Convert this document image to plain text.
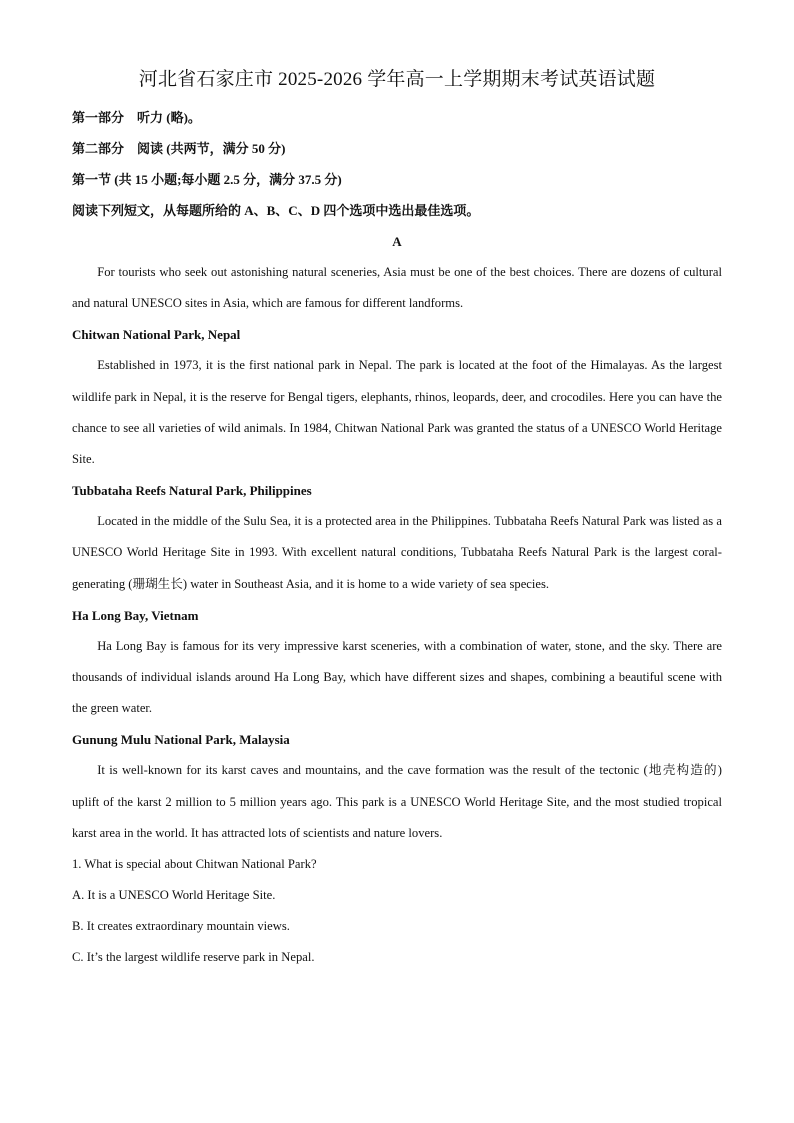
河北省石家庄市 2025-2026 学年高一上学期期末考试英语试题
第一部分　听力 (略)。
第二部分　阅读 (共两节，满分 50 分)
第一节 (共 15 小题;每小题 2.5 分，满分 37.5 分)
阅读下列短文，从每题所给的 A、B、C、D 四个选项中选出最佳选项。
A

For tourists who seek out astonishing natural sceneries, Asia must be one of the best choices. There are dozens of cultural and natural UNESCO sites in Asia, which are famous for different landforms.

Chitwan National Park, Nepal

Established in 1973, it is the first national park in Nepal. The park is located at the foot of the Himalayas. As the largest wildlife park in Nepal, it is the reserve for Bengal tigers, elephants, rhinos, leopards, deer, and crocodiles. Here you can have the chance to see all varieties of wild animals. In 1984, Chitwan National Park was granted the status of a UNESCO World Heritage Site.

Tubbataha Reefs Natural Park, Philippines

Located in the middle of the Sulu Sea, it is a protected area in the Philippines. Tubbataha Reefs Natural Park was listed as a UNESCO World Heritage Site in 1993. With excellent natural conditions, Tubbataha Reefs Natural Park is the largest coral-generating (珊瑚生长) water in Southeast Asia, and it is home to a wide variety of sea species.

Ha Long Bay, Vietnam

Ha Long Bay is famous for its very impressive karst sceneries, with a combination of water, stone, and the sky. There are thousands of individual islands around Ha Long Bay, which have different sizes and shapes, combining a beautiful scene with the green water.

Gunung Mulu National Park, Malaysia

It is well-known for its karst caves and mountains, and the cave formation was the result of the tectonic (地壳构造的) uplift of the karst 2 million to 5 million years ago. This park is a UNESCO World Heritage Site, and the most studied tropical karst area in the world. It has attracted lots of scientists and nature lovers.

1. What is special about Chitwan National Park?
A. It is a UNESCO World Heritage Site.
B. It creates extraordinary mountain views.
C. It’s the largest wildlife reserve park in Nepal.
